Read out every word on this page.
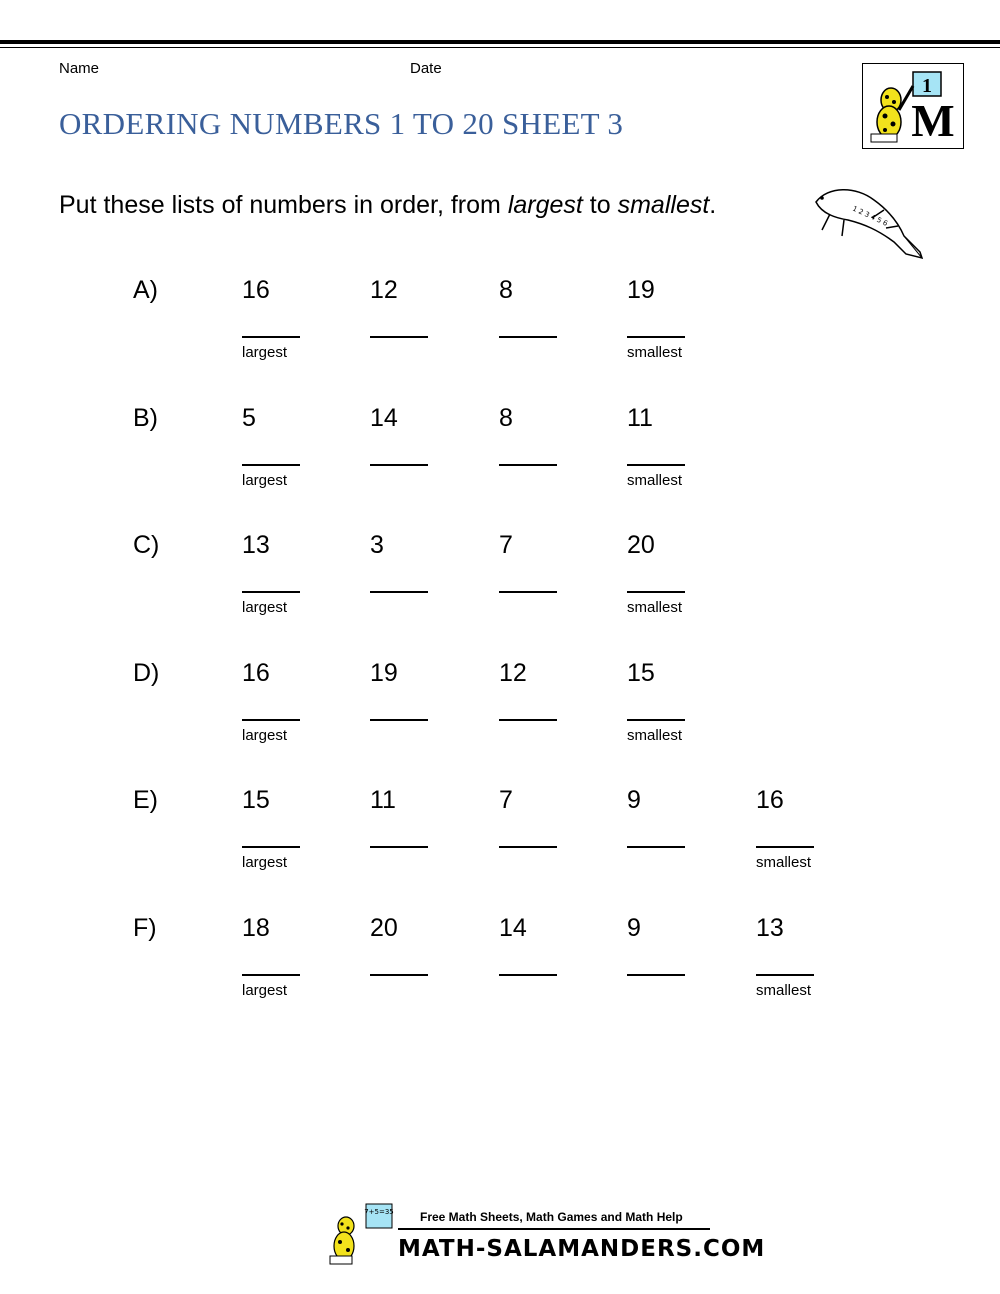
Name	Date
ORDERING NUMBERS 1 TO 20 SHEET 3
1
M
Put these lists of numbers in order, from largest to smallest.	1 2 3 4 5 6
A)	16	12	8	19
largest	smallest
B)	5	14	8	11
largest	smallest
C)	13	3	7	20
largest	smallest
D)	16	19	12	15
largest	smallest
E)	15	11	7	9	16
largest	smallest
F)	18	20	14	9	13
largest	smallest
7+5=35 Free Math Sheets, Math Games and Math Help
MATH-SALAMANDERS.COM
